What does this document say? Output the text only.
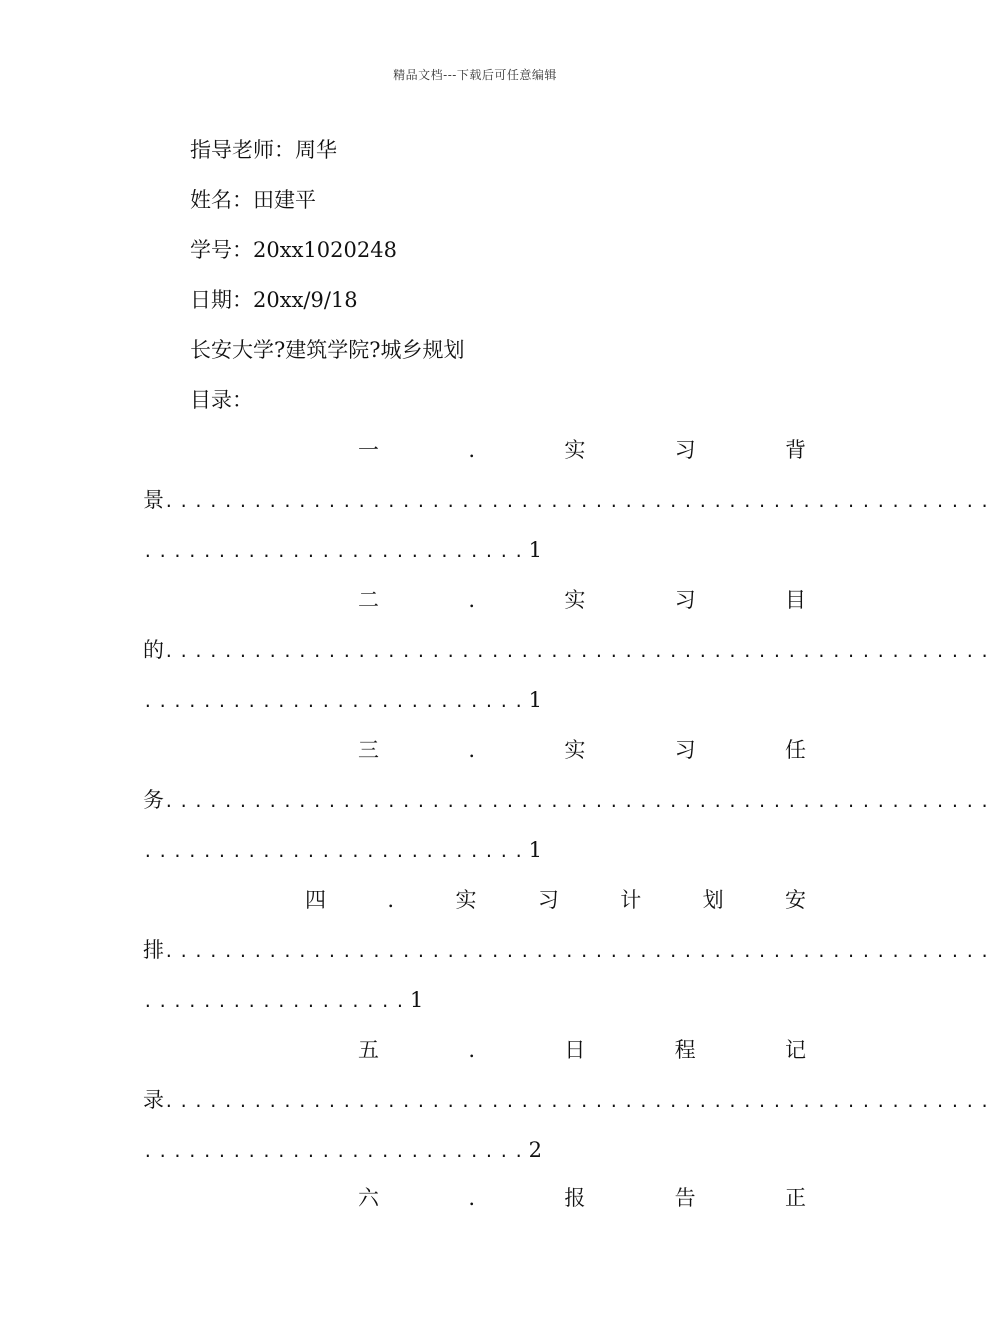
精品文档---下载后可任意编辑
指导老师：周华
姓名：田建平
学号：20xx1020248
日期：20xx/9/18
长安大学?建筑学院?城乡规划
目录：
一	.	实	习	背
景........................................................
..........................1
二	.	实	习	目
的........................................................
..........................1
三	.	实	习	任
务........................................................
..........................1
四	.	实	习	计	划	安
排........................................................
..................1
五	.	日	程	记
录........................................................
..........................2
六	.	报	告	正
